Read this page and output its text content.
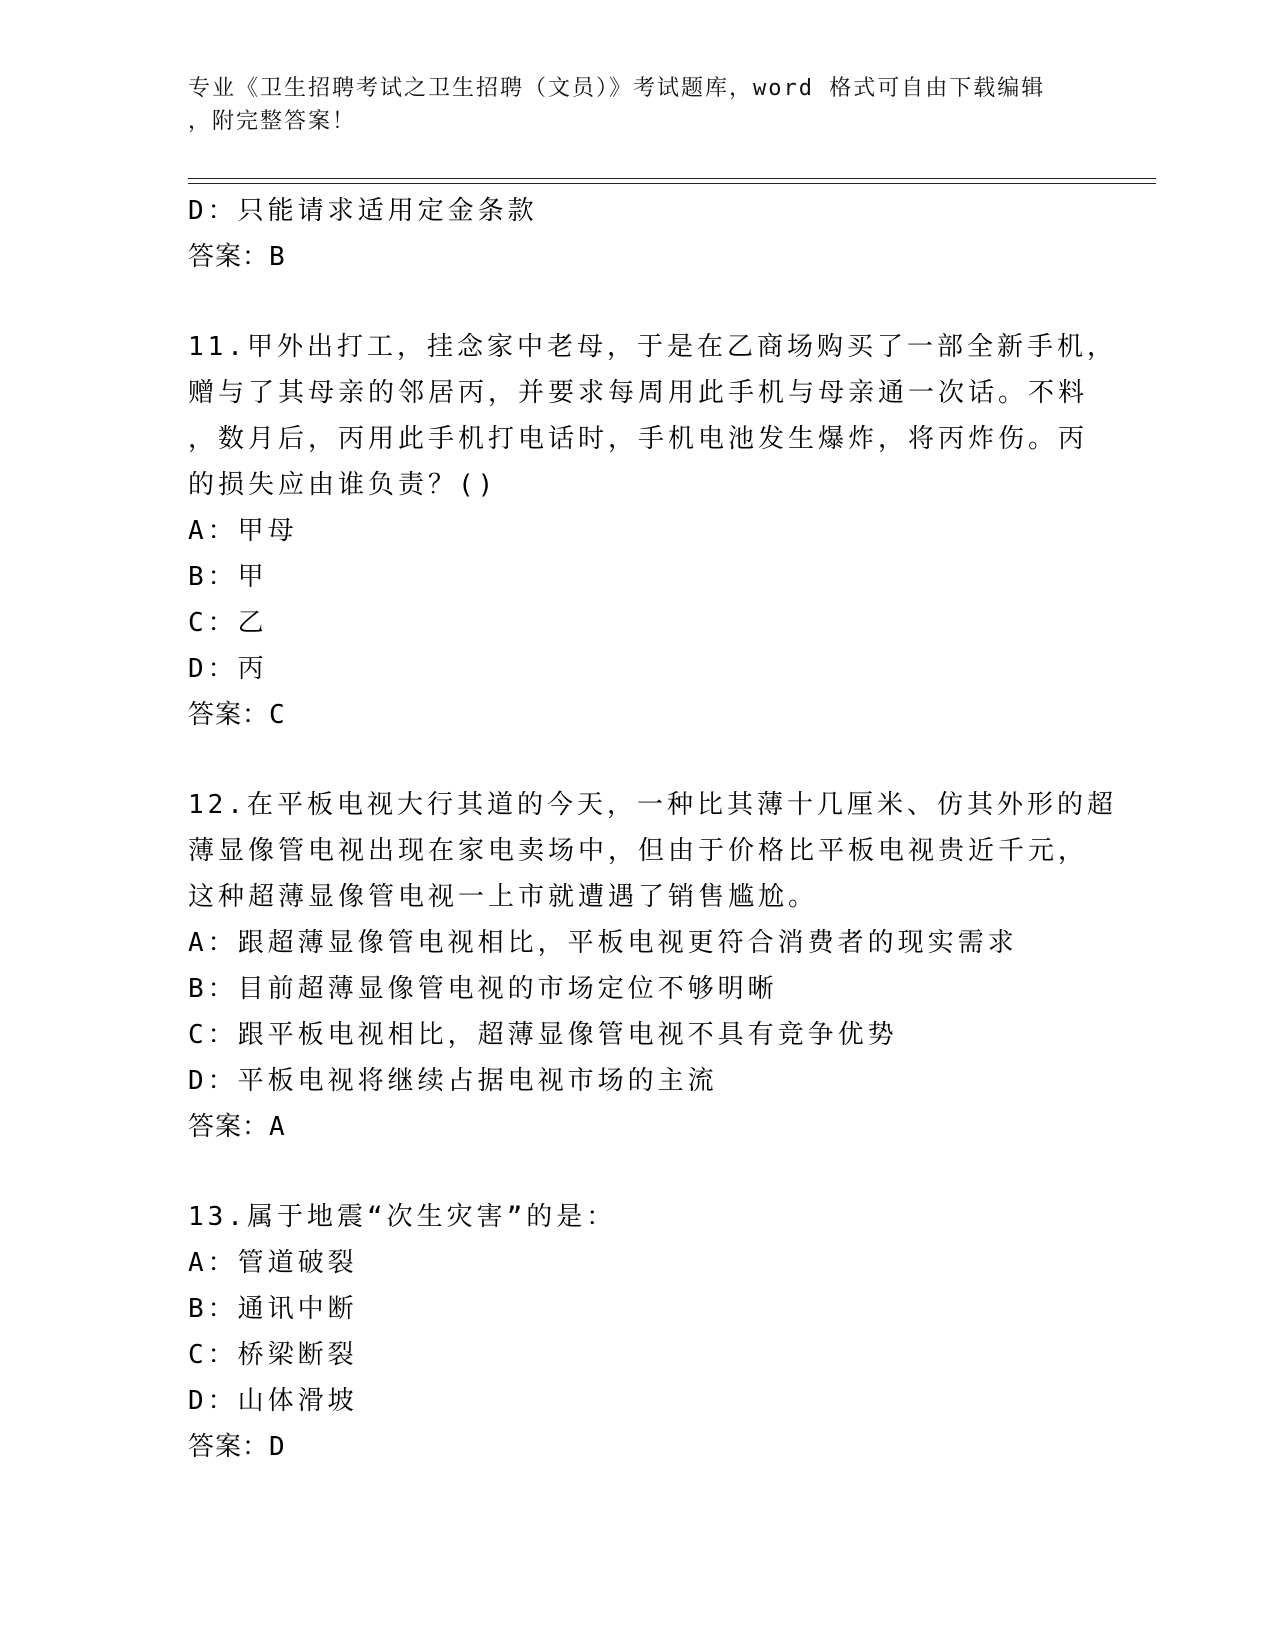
专业《卫生招聘考试之卫生招聘（文员）》考试题库，word 格式可自由下载编辑
，附完整答案！
D：只能请求适用定金条款
答案：B
11.甲外出打工，挂念家中老母，于是在乙商场购买了一部全新手机，
赠与了其母亲的邻居丙，并要求每周用此手机与母亲通一次话。不料
，数月后，丙用此手机打电话时，手机电池发生爆炸，将丙炸伤。丙
的损失应由谁负责？()
A：甲母
B：甲
C：乙
D：丙
答案：C
12.在平板电视大行其道的今天，一种比其薄十几厘米、仿其外形的超
薄显像管电视出现在家电卖场中，但由于价格比平板电视贵近千元，
这种超薄显像管电视一上市就遭遇了销售尴尬。
A：跟超薄显像管电视相比，平板电视更符合消费者的现实需求
B：目前超薄显像管电视的市场定位不够明晰
C：跟平板电视相比，超薄显像管电视不具有竞争优势
D：平板电视将继续占据电视市场的主流
答案：A
13.属于地震“次生灾害”的是：
A：管道破裂
B：通讯中断
C：桥梁断裂
D：山体滑坡
答案：D
